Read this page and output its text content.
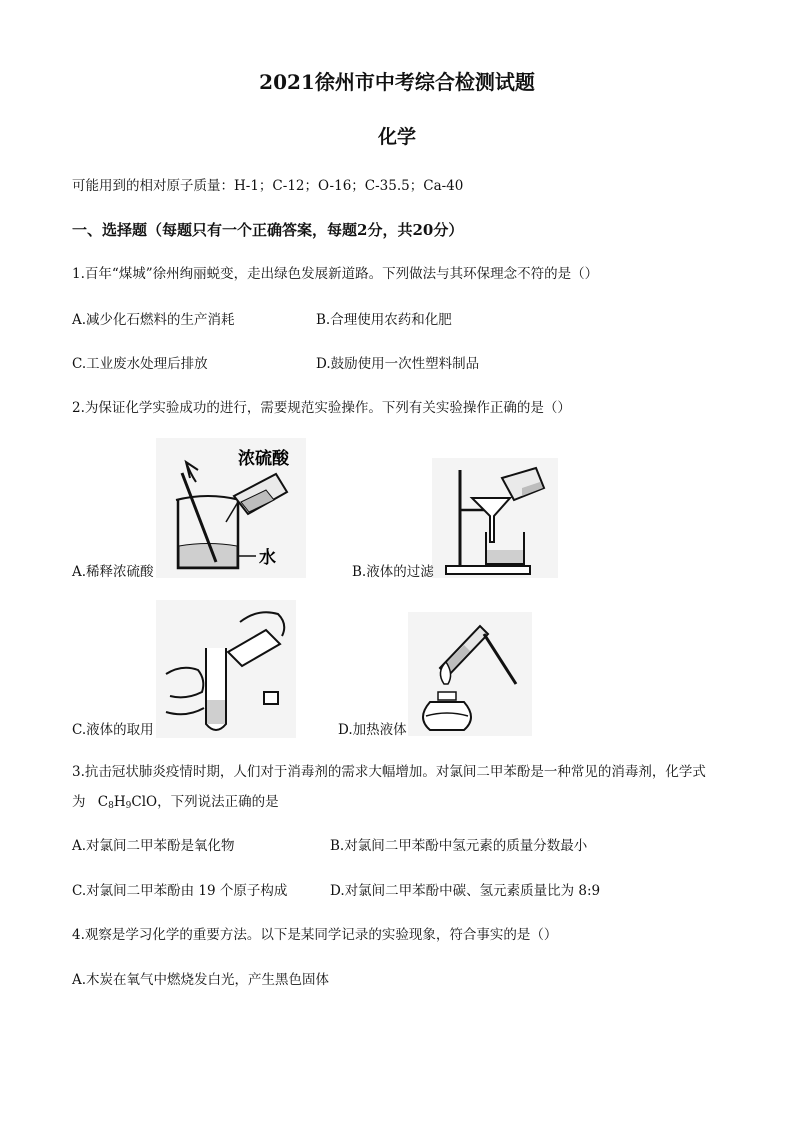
2021徐州市中考综合检测试题
化学
可能用到的相对原子质量：H-1；C-12；O-16；C-35.5；Ca-40
一、选择题（每题只有一个正确答案，每题2分，共20分）
1.百年“煤城”徐州绚丽蜕变，走出绿色发展新道路。下列做法与其环保理念不符的是（）
A.减少化石燃料的生产消耗	B.合理使用农药和化肥
C.工业废水处理后排放	D.鼓励使用一次性塑料制品
2.为保证化学实验成功的进行，需要规范实验操作。下列有关实验操作正确的是（）
浓硫酸
水
A.稀释浓硫酸	B.液体的过滤
C.液体的取用	D.加热液体
3.抗击冠状肺炎疫情时期，人们对于消毒剂的需求大幅增加。对氯间二甲苯酚是一种常见的消毒剂，化学式
为 $C_8H_9ClO$，下列说法正确的是
A.对氯间二甲苯酚是氧化物	B.对氯间二甲苯酚中氢元素的质量分数最小
C.对氯间二甲苯酚由 19 个原子构成	D.对氯间二甲苯酚中碳、氢元素质量比为 8:9
4.观察是学习化学的重要方法。以下是某同学记录的实验现象，符合事实的是（）
A.木炭在氧气中燃烧发白光，产生黑色固体
